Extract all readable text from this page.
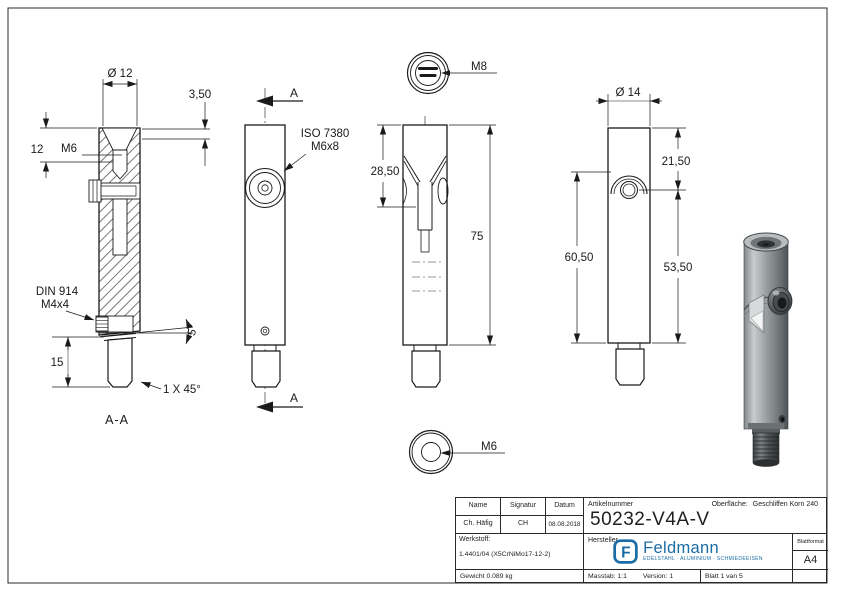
Ø 12
3,50
12 M6
DIN 914
M4x4
5°
15
1 X 45°
A-A
A
A
ISO 7380
M6x8
M8
28,50
75
M6
Ø 14
21,50
60,50
53,50
Name	Signatur	Datum
Ch. Häfig	CH	08.08.2018
Artikelnummer	Oberfläche: Geschliffen Korn 240
50232-V4A-V
Werkstoff:
1.4401/04 (X5CrNiMo17-12-2)
Hersteller
F Feldmann
EDELSTAHL · ALUMINIUM · SCHMIEDEEISEN
Blattformat
A4
Gewicht 0.089 kg	Masstab: 1:1 Version: 1	Blatt 1 van 5
